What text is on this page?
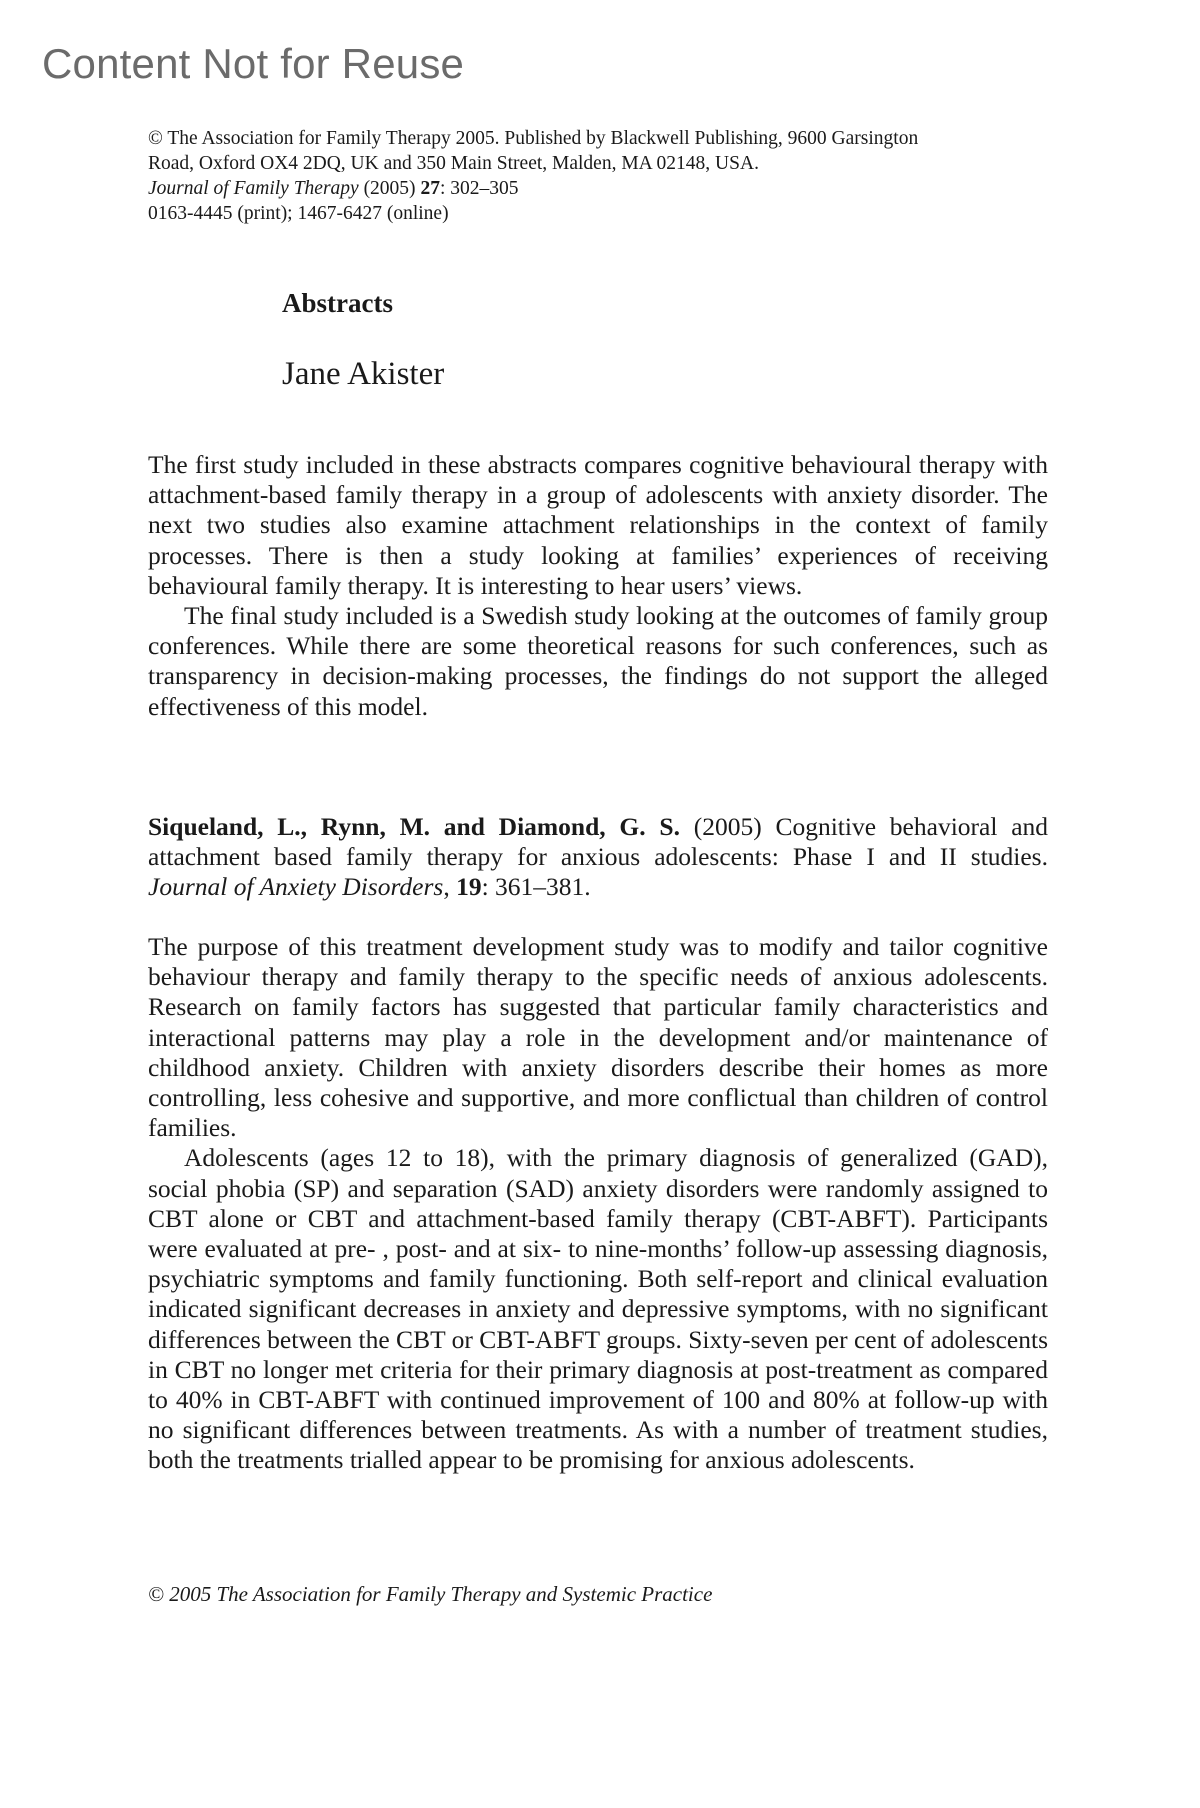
Content Not for Reuse
© The Association for Family Therapy 2005. Published by Blackwell Publishing, 9600 Garsington
Road, Oxford OX4 2DQ, UK and 350 Main Street, Malden, MA 02148, USA.
Journal of Family Therapy (2005) 27: 302–305
0163-4445 (print); 1467-6427 (online)
Abstracts
Jane Akister

The first study included in these abstracts compares cognitive behavioural therapy with attachment-based family therapy in a group of adolescents with anxiety disorder. The next two studies also examine attachment relationships in the context of family processes. There is then a study looking at families’ experiences of receiving behavioural family therapy. It is interesting to hear users’ views.

The final study included is a Swedish study looking at the outcomes of family group conferences. While there are some theoretical reasons for such conferences, such as transparency in decision-making processes, the findings do not support the alleged effectiveness of this model.

Siqueland, L., Rynn, M. and Diamond, G. S. (2005) Cognitive behavioral and attachment based family therapy for anxious adolescents: Phase I and II studies. Journal of Anxiety Disorders, 19: 361–381.

The purpose of this treatment development study was to modify and tailor cognitive behaviour therapy and family therapy to the specific needs of anxious adolescents. Research on family factors has suggested that particular family characteristics and interactional patterns may play a role in the development and/or maintenance of childhood anxiety. Children with anxiety disorders describe their homes as more controlling, less cohesive and supportive, and more conflictual than children of control families.

Adolescents (ages 12 to 18), with the primary diagnosis of generalized (GAD), social phobia (SP) and separation (SAD) anxiety disorders were randomly assigned to CBT alone or CBT and attachment-based family therapy (CBT-ABFT). Participants were evaluated at pre- , post- and at six- to nine-months’ follow-up assessing diagnosis, psychiatric symptoms and family functioning. Both self-report and clinical evaluation indicated significant decreases in anxiety and depressive symptoms, with no significant differences between the CBT or CBT-ABFT groups. Sixty-seven per cent of adolescents in CBT no longer met criteria for their primary diagnosis at post-treatment as compared to 40% in CBT-ABFT with continued improvement of 100 and 80% at follow-up with no significant differences between treatments. As with a number of treatment studies, both the treatments trialled appear to be promising for anxious adolescents.

© 2005 The Association for Family Therapy and Systemic Practice
